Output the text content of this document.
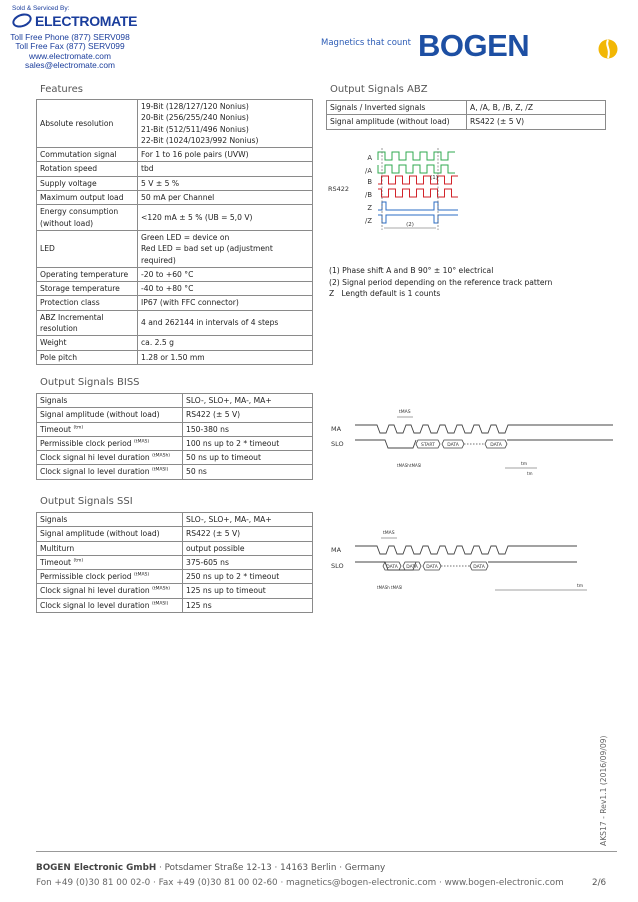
Sold & Serviced By:
ELECTROMATE
Toll Free Phone (877) SERV098
Toll Free Fax (877) SERV099
www.electromate.com
sales@electromate.com
Magnetics that count BOGEN
Features
Absolute resolution	19-Bit (128/127/120 Nonius)
20-Bit (256/255/240 Nonius)
21-Bit (512/511/496 Nonius)
22-Bit (1024/1023/992 Nonius)

Commutation signal	For 1 to 16 pole pairs (UVW)

Rotation speed	tbd

Supply voltage	5 V ± 5 %

Maximum output load	50 mA per Channel

Energy consumption (without load)	<120 mA ± 5 % (UB = 5,0 V)

LED	Green LED = device on
Red LED = bad set up (adjustment required)

Operating temperature	-20 to +60 °C

Storage temperature	-40 to +80 °C

Protection class	IP67 (with FFC connector)

ABZ Incremental resolution	4 and 262144 in intervals of 4 steps

Weight	ca. 2.5 g

Pole pitch	1.28 or 1.50 mm
Output Signals ABZ
Signals / Inverted signals	A, /A, B, /B, Z, /Z
Signal amplitude (without load)	RS422 (± 5 V)
A
/A
B
/B
Z
/Z
RS422
(2)
(1)
(1) Phase shift A and B 90° ± 10° electrical
(2) Signal period depending on the reference track pattern
Z   Length default is 1 counts
Output Signals BISS
Signals	SLO-, SLO+, MA-, MA+
Signal amplitude (without load)	RS422 (± 5 V)
Timeout $^{(tm)}$	150-380 ns
Permissible clock period $^{(tMAS)}$	100 ns up to 2 * timeout
Clock signal hi level duration $^{(tMASh)}$	50 ns up to timeout
Clock signal lo level duration $^{(tMASl)}$	50 ns
MA
SLO	START	DATA	DATA
tMAS
tMASh tMASl	tm
tm
Output Signals SSI
Signals	SLO-, SLO+, MA-, MA+
Signal amplitude (without load)	RS422 (± 5 V)
Multiturn	output possible
Timeout $^{(tm)}$	375-605 ns
Permissible clock period $^{(tMAS)}$	250 ns up to 2 * timeout
Clock signal hi level duration $^{(tMASh)}$	125 ns up to timeout
Clock signal lo level duration $^{(tMASl)}$	125 ns
MA
SLO	DATA DATA DATA	DATA
tMAS
tMASh tMASl	tm
AKS17 - Rev1.1 (2016/09/09)
BOGEN Electronic GmbH · Potsdamer Straße 12-13 · 14163 Berlin · Germany
Fon +49 (0)30 81 00 02-0 · Fax +49 (0)30 81 00 02-60 · magnetics@bogen-electronic.com · www.bogen-electronic.com	2/6
